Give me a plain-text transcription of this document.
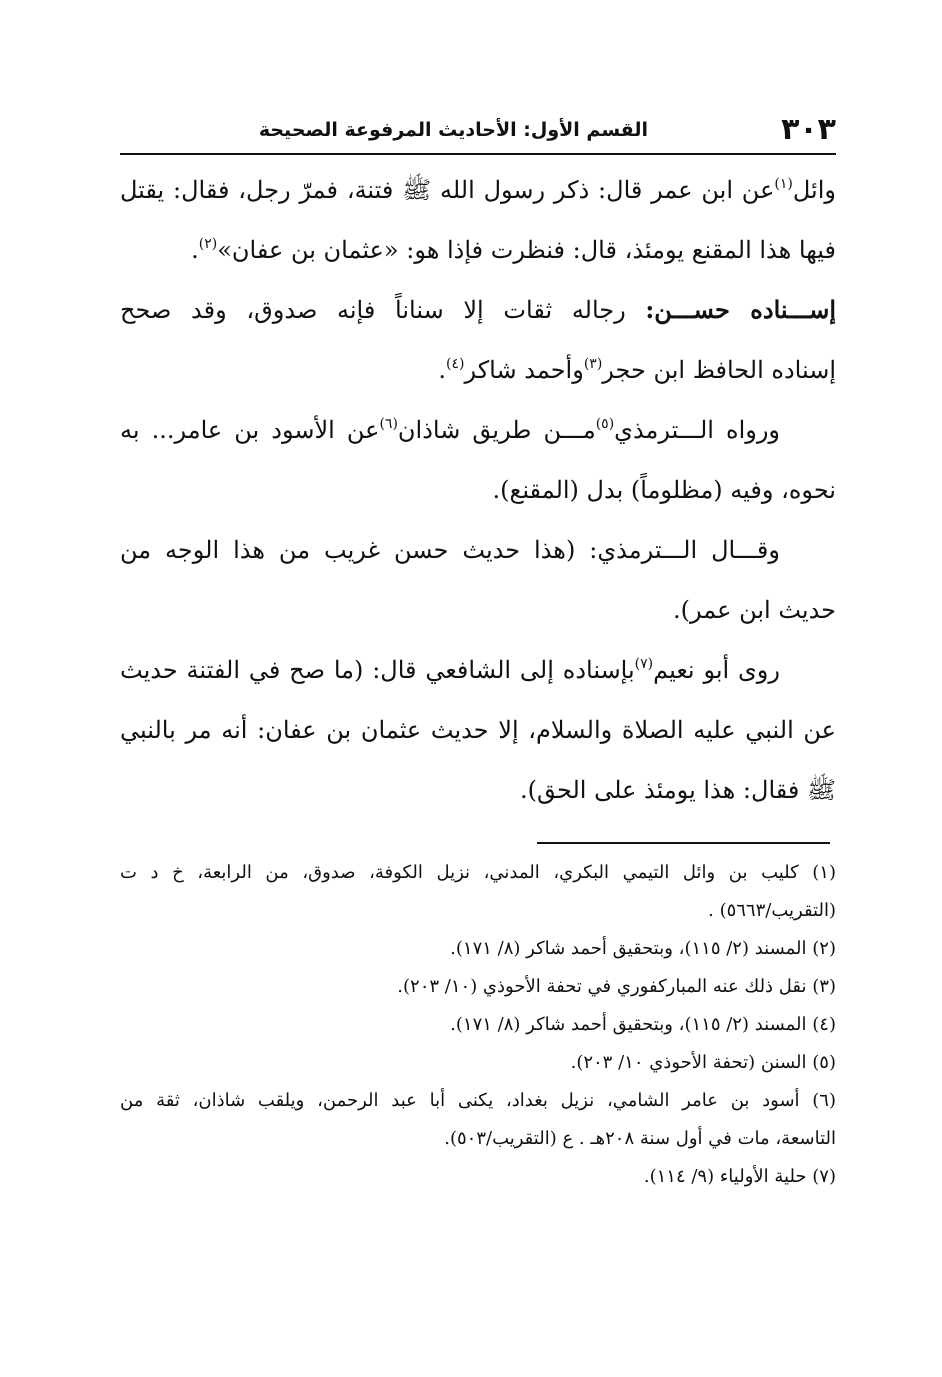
٣٠٣
القسم الأول: الأحاديث المرفوعة الصحيحة
وائل$^{(١)}$عن ابن عمر قال: ذكر رسول الله ﷺ فتنة، فمرّ رجل، فقال: يقتل
فيها هذا المقنع يومئذ، قال: فنظرت فإذا هو: «عثمان بن عفان»$^{(٢)}$.
إســـناده حســـن: رجاله ثقات إلا سناناً فإنه صدوق، وقد صحح
إسناده الحافظ ابن حجر$^{(٣)}$وأحمد شاكر$^{(٤)}$.
ورواه الـــترمذي$^{(٥)}$مـــن طريق شاذان$^{(٦)}$عن الأسود بن عامر... به
نحوه، وفيه (مظلوماً) بدل (المقنع).
وقـــال الـــترمذي: (هذا حديث حسن غريب من هذا الوجه من
حديث ابن عمر).
روى أبو نعيم$^{(٧)}$بإسناده إلى الشافعي قال: (ما صح في الفتنة حديث
عن النبي عليه الصلاة والسلام، إلا حديث عثمان بن عفان: أنه مر بالنبي
ﷺ فقال: هذا يومئذ على الحق).
(١) كليب بن وائل التيمي البكري، المدني، نزيل الكوفة، صدوق، من الرابعة، خ د ت
(التقريب/٥٦٦٣) .
(٢) المسند (٢/ ١١٥)، وبتحقيق أحمد شاكر (٨/ ١٧١).
(٣) نقل ذلك عنه المباركفوري في تحفة الأحوذي (١٠/ ٢٠٣).
(٤) المسند (٢/ ١١٥)، وبتحقيق أحمد شاكر (٨/ ١٧١).
(٥) السنن (تحفة الأحوذي ١٠/ ٢٠٣).
(٦) أسود بن عامر الشامي، نزيل بغداد، يكنى أبا عبد الرحمن، ويلقب شاذان، ثقة من
التاسعة، مات في أول سنة ٢٠٨هـ . ع (التقريب/٥٠٣).
(٧) حلية الأولياء (٩/ ١١٤).
